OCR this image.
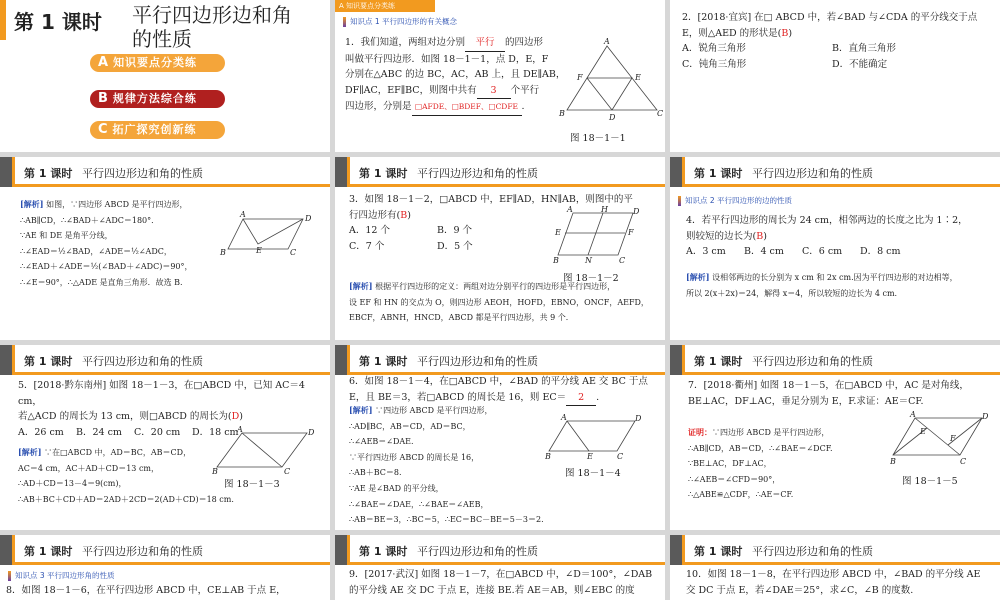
第 1 课时 平行四边形边和角
的性质
A 知识要点分类练
B 规律方法综合练
C 拓广探究创新练
A 知识要点分类练
知识点 1 平行四边形的有关概念
1．我们知道，两组对边分别 平行 的四边形
叫做平行四边形．如图 18－1－1，点 D，E，F
分别在△ABC 的边 BC，AC，AB 上，且 DE∥AB，
DF∥AC，EF∥BC，则图中共有 3 个平行
四边形，分别是 □AFDE、□BDEF、□CDFE .
A
F	E
B	D	C
图 18－1－1
2．[2018·宜宾] 在□ ABCD 中，若∠BAD 与∠CDA 的平分线交于点
E，则△AED 的形状是(B)
A．锐角三角形	B．直角三角形
C．钝角三角形	D．不能确定
第 1 课时 平行四边形边和角的性质
[解析] 如图，∵四边形 ABCD 是平行四边形，
∴AB∥CD，∴∠BAD＋∠ADC＝180°．
∵AE 和 DE 是角平分线，
∴∠EAD＝½∠BAD，∠ADE＝½∠ADC，
∴∠EAD＋∠ADE＝½(∠BAD＋∠ADC)＝90°，
∴∠E＝90°，∴△ADE 是直角三角形．故选 B.
A	D
B	E	C
第 1 课时 平行四边形边和角的性质
3．如图 18－1－2，□ABCD 中，EF∥AD，HN∥AB，则图中的平
行四边形有(B)
A．12 个	B．9 个
C．7 个	D．5 个
A	H	D
E	F
B	N	C
图 18－1－2
[解析] 根据平行四边形的定义：两组对边分别平行的四边形是平行四边形，
设 EF 和 HN 的交点为 O，则四边形 AEOH，HOFD，EBNO，ONCF，AEFD，
EBCF，ABNH，HNCD，ABCD 都是平行四边形，共 9 个．
第 1 课时 平行四边形边和角的性质
知识点 2 平行四边形的边的性质
4．若平行四边形的周长为 24 cm，相邻两边的长度之比为 1∶2，
则较短的边长为(B)
A．3 cm B．4 cm C．6 cm D．8 cm
[解析] 设相邻两边的长分别为 x cm 和 2x cm.因为平行四边形的对边相等，
所以 2(x＋2x)＝24，解得 x＝4，所以较短的边长为 4 cm.
第 1 课时 平行四边形边和角的性质
5．[2018·黔东南州] 如图 18－1－3，在□ABCD 中，已知 AC＝4 cm，
若△ACD 的周长为 13 cm，则□ABCD 的周长为(D)
A．26 cm B．24 cm C．20 cm D．18 cm
[解析] ∵在□ABCD 中，AD＝BC，AB＝CD，
AC＝4 cm，AC＋AD＋CD＝13 cm，
∴AD＋CD＝13－4＝9(cm)，
∴AB＋BC＋CD＋AD＝2AD＋2CD＝2(AD＋CD)＝18 cm.
A	D
B	C
图 18－1－3
第 1 课时 平行四边形边和角的性质
6．如图 18－1－4，在□ABCD 中，∠BAD 的平分线 AE 交 BC 于点
E，且 BE＝3，若□ABCD 的周长是 16，则 EC＝ 2 .
[解析] ∵四边形 ABCD 是平行四边形，
∴AD∥BC，AB＝CD，AD＝BC，
∴∠AEB＝∠DAE.
∵平行四边形 ABCD 的周长是 16，
∴AB＋BC＝8.
∵AE 是∠BAD 的平分线，
∴∠BAE＝∠DAE，∴∠BAE＝∠AEB，
∴AB＝BE＝3，∴BC＝5，∴EC＝BC－BE＝5－3＝2.
A	D
B	E	C
图 18－1－4
第 1 课时 平行四边形边和角的性质
7．[2018·衢州] 如图 18－1－5，在□ABCD 中，AC 是对角线，
BE⊥AC，DF⊥AC，垂足分别为 E，F.求证：AE＝CF.
证明：∵四边形 ABCD 是平行四边形，
∴AB∥CD，AB＝CD，∴∠BAE＝∠DCF.
∵BE⊥AC，DF⊥AC，
∴∠AEB＝∠CFD＝90°，
∴△ABE≌△CDF，∴AE＝CF.
A	D
E
F
B	C
图 18－1－5
第 1 课时 平行四边形边和角的性质
知识点 3 平行四边形角的性质
8．如图 18－1－6，在平行四边形 ABCD 中，CE⊥AB 于点 E，
第 1 课时 平行四边形边和角的性质
9．[2017·武汉] 如图 18－1－7，在□ABCD 中，∠D＝100°，∠DAB
的平分线 AE 交 DC 于点 E，连接 BE.若 AE＝AB，则∠EBC 的度
第 1 课时 平行四边形边和角的性质
10．如图 18－1－8，在平行四边形 ABCD 中，∠BAD 的平分线 AE
交 DC 于点 E，若∠DAE＝25°，求∠C，∠B 的度数.
